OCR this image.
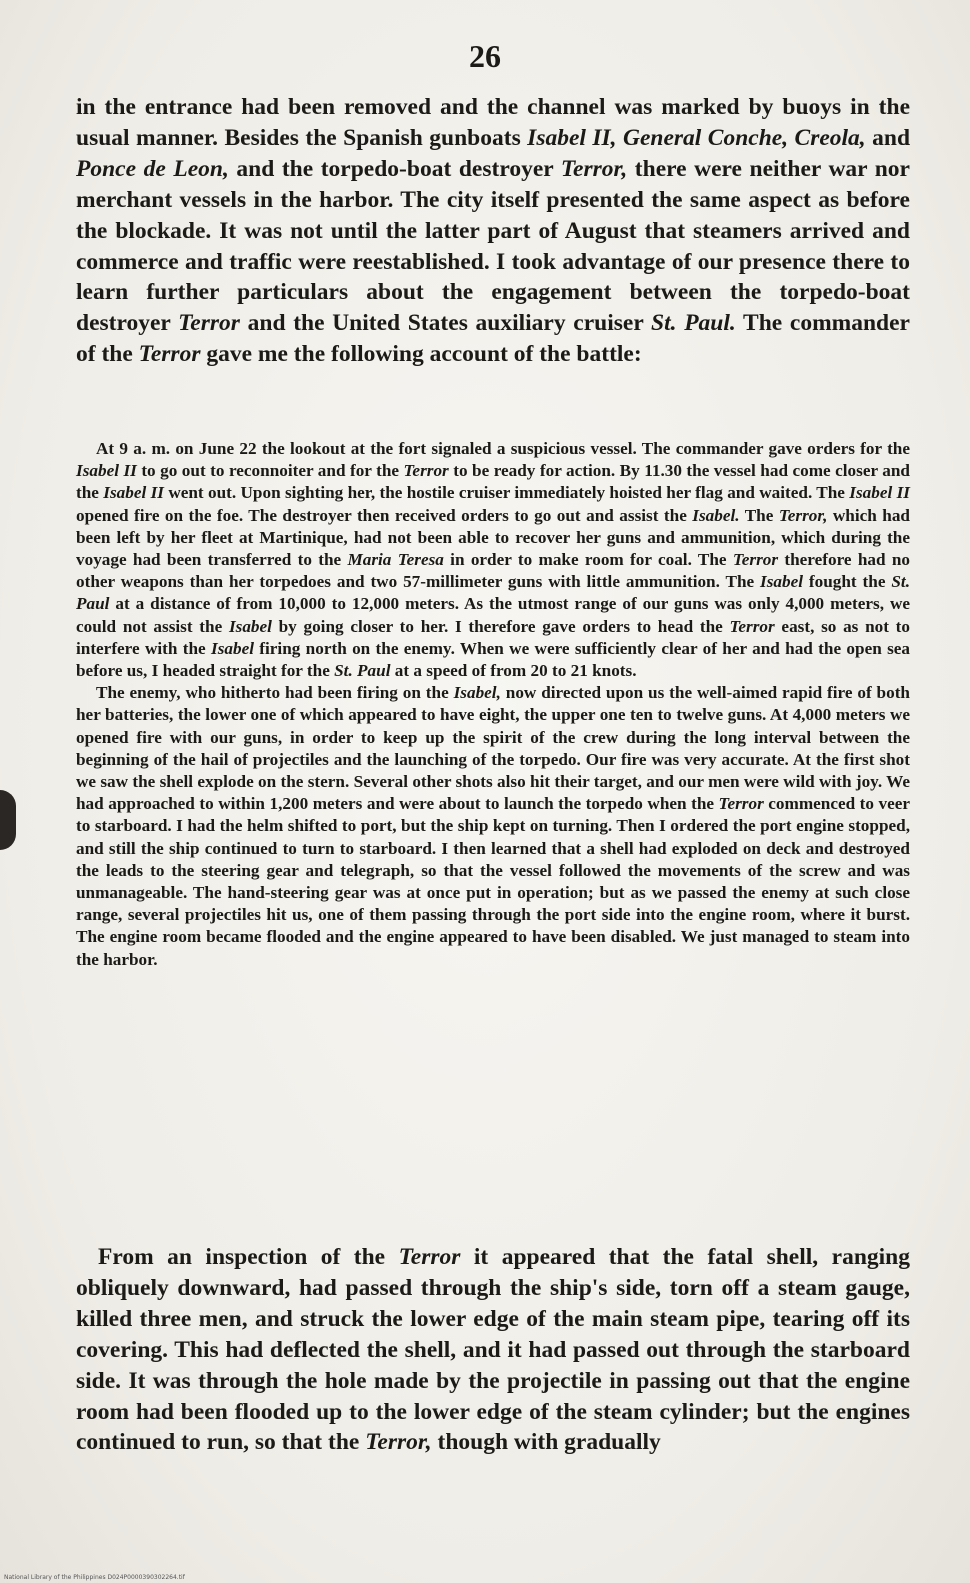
26

in the entrance had been removed and the channel was marked by buoys in the usual manner. Besides the Spanish gunboats Isabel II, General Conche, Creola, and Ponce de Leon, and the torpedo-boat destroyer Terror, there were neither war nor merchant vessels in the harbor. The city itself presented the same aspect as before the blockade. It was not until the latter part of August that steamers arrived and commerce and traffic were reestablished. I took advantage of our presence there to learn further particulars about the engagement between the torpedo-boat destroyer Terror and the United States auxiliary cruiser St. Paul. The commander of the Terror gave me the following account of the battle:

At 9 a. m. on June 22 the lookout at the fort signaled a suspicious vessel. The commander gave orders for the Isabel II to go out to reconnoiter and for the Terror to be ready for action. By 11.30 the vessel had come closer and the Isabel II went out. Upon sighting her, the hostile cruiser immediately hoisted her flag and waited. The Isabel II opened fire on the foe. The destroyer then received orders to go out and assist the Isabel. The Terror, which had been left by her fleet at Martinique, had not been able to recover her guns and ammunition, which during the voyage had been transferred to the Maria Teresa in order to make room for coal. The Terror therefore had no other weapons than her torpedoes and two 57-millimeter guns with little ammunition. The Isabel fought the St. Paul at a distance of from 10,000 to 12,000 meters. As the utmost range of our guns was only 4,000 meters, we could not assist the Isabel by going closer to her. I therefore gave orders to head the Terror east, so as not to interfere with the Isabel firing north on the enemy. When we were sufficiently clear of her and had the open sea before us, I headed straight for the St. Paul at a speed of from 20 to 21 knots.

The enemy, who hitherto had been firing on the Isabel, now directed upon us the well-aimed rapid fire of both her batteries, the lower one of which appeared to have eight, the upper one ten to twelve guns. At 4,000 meters we opened fire with our guns, in order to keep up the spirit of the crew during the long interval between the beginning of the hail of projectiles and the launching of the torpedo. Our fire was very accurate. At the first shot we saw the shell explode on the stern. Several other shots also hit their target, and our men were wild with joy. We had approached to within 1,200 meters and were about to launch the torpedo when the Terror commenced to veer to starboard. I had the helm shifted to port, but the ship kept on turning. Then I ordered the port engine stopped, and still the ship continued to turn to starboard. I then learned that a shell had exploded on deck and destroyed the leads to the steering gear and telegraph, so that the vessel followed the movements of the screw and was unmanageable. The hand-steering gear was at once put in operation; but as we passed the enemy at such close range, several projectiles hit us, one of them passing through the port side into the engine room, where it burst. The engine room became flooded and the engine appeared to have been disabled. We just managed to steam into the harbor.

From an inspection of the Terror it appeared that the fatal shell, ranging obliquely downward, had passed through the ship's side, torn off a steam gauge, killed three men, and struck the lower edge of the main steam pipe, tearing off its covering. This had deflected the shell, and it had passed out through the starboard side. It was through the hole made by the projectile in passing out that the engine room had been flooded up to the lower edge of the steam cylinder; but the engines continued to run, so that the Terror, though with gradually

National Library of the Philippines D024P0000390302264.tif
